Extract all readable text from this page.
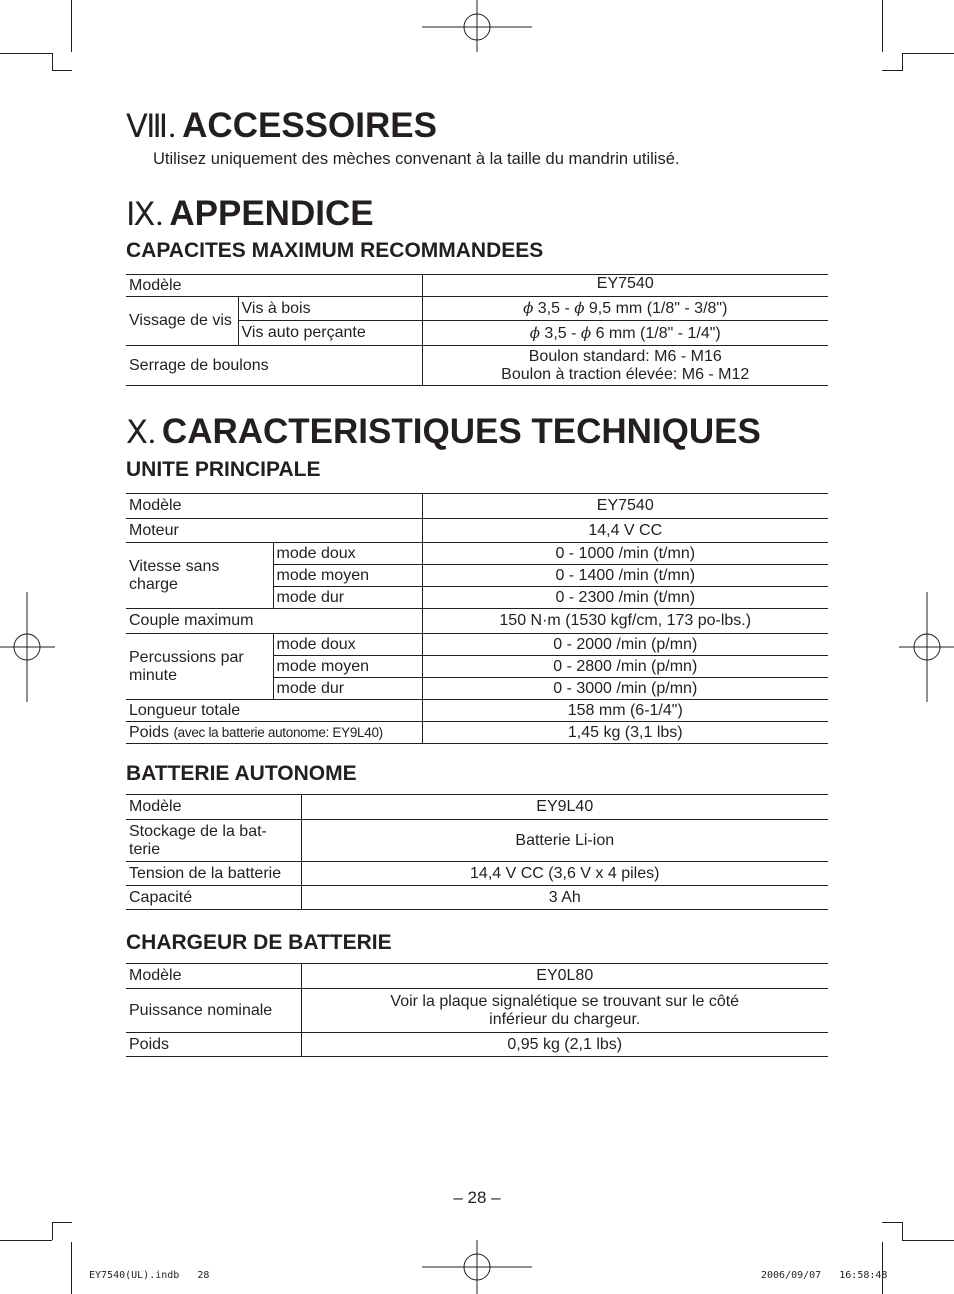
Ⅷ. ACCESSOIRES
Utilisez uniquement des mèches convenant à la taille du mandrin utilisé.
Ⅸ. APPENDICE
CAPACITES MAXIMUM RECOMMANDEES
Modèle		EY7540
Vissage de vis	Vis à bois	ϕ 3,5 - ϕ 9,5 mm (1/8" - 3/8")
	Vis auto perçante	ϕ 3,5 - ϕ 6 mm (1/8" - 1/4")
Serrage de boulons		Boulon standard: M6 - M16
Boulon à traction élevée: M6 - M12
Ⅹ. CARACTERISTIQUES TECHNIQUES
UNITE PRINCIPALE
Modèle		EY7540
Moteur		14,4 V CC
Vitesse sans charge	mode doux	0 - 1000 /min (t/mn)
	mode moyen	0 - 1400 /min (t/mn)
	mode dur	0 - 2300 /min (t/mn)
Couple maximum		150 N·m (1530 kgf/cm, 173 po-lbs.)
Percussions par minute	mode doux	0 - 2000 /min (p/mn)
	mode moyen	0 - 2800 /min (p/mn)
	mode dur	0 - 3000 /min (p/mn)
Longueur totale		158 mm (6-1/4")
Poids (avec la batterie autonome: EY9L40)		1,45 kg (3,1 lbs)
BATTERIE AUTONOME
Modèle	EY9L40
Stockage de la bat-terie	Batterie Li-ion
Tension de la batterie	14,4 V CC (3,6 V x 4 piles)
Capacité	3 Ah
CHARGEUR DE BATTERIE
Modèle	EY0L80
Puissance nominale	Voir la plaque signalétique se trouvant sur le côté
inférieur du chargeur.

Poids	0,95 kg (2,1 lbs)
– 28 –
EY7540(UL).indb   28	2006/09/07   16:58:48
